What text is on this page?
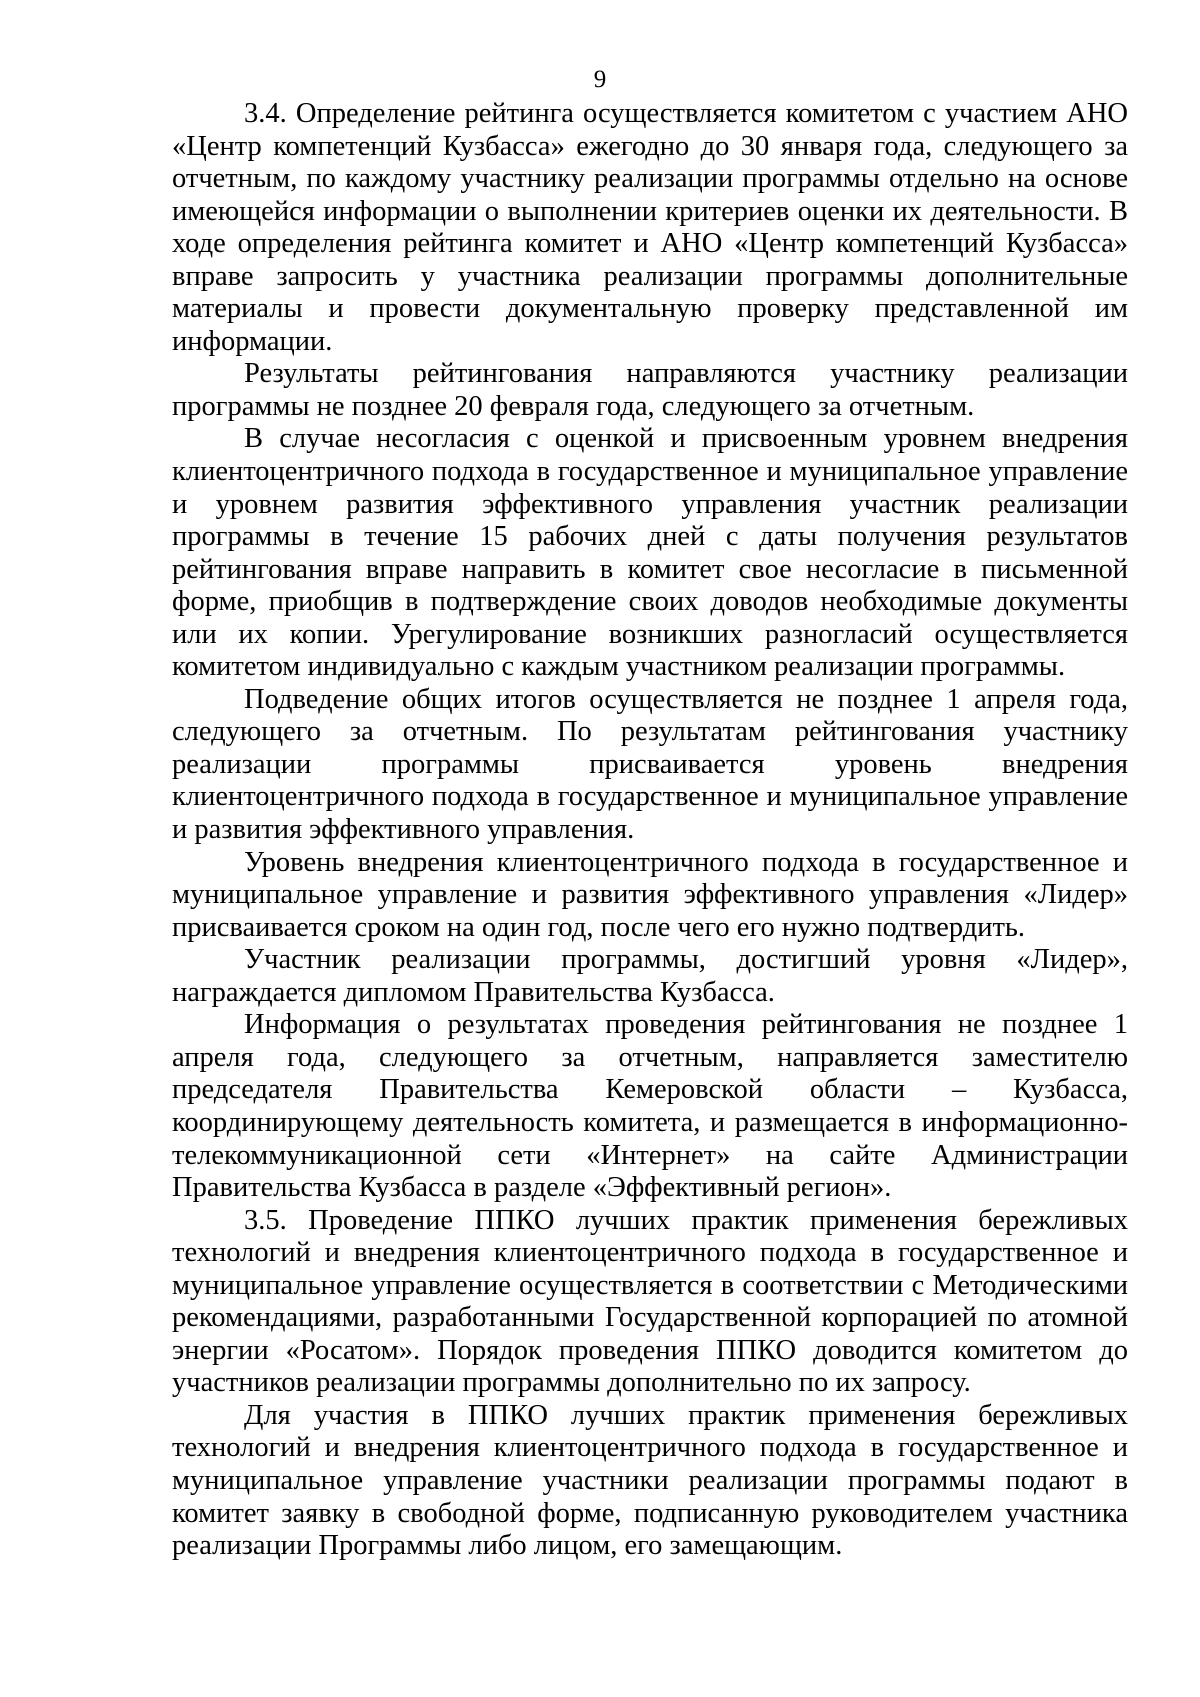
9

3.4. Определение рейтинга осуществляется комитетом с участием АНО «Центр компетенций Кузбасса» ежегодно до 30 января года, следующего за отчетным, по каждому участнику реализации программы отдельно на основе имеющейся информации о выполнении критериев оценки их деятельности. В ходе определения рейтинга комитет и АНО «Центр компетенций Кузбасса» вправе запросить у участника реализации программы дополнительные материалы и провести документальную проверку представленной им информации.

Результаты рейтингования направляются участнику реализации программы не позднее 20 февраля года, следующего за отчетным.

В случае несогласия с оценкой и присвоенным уровнем внедрения клиентоцентричного подхода в государственное и муниципальное управление и уровнем развития эффективного управления участник реализации программы в течение 15 рабочих дней с даты получения результатов рейтингования вправе направить в комитет свое несогласие в письменной форме, приобщив в подтверждение своих доводов необходимые документы или их копии. Урегулирование возникших разногласий осуществляется комитетом индивидуально с каждым участником реализации программы.

Подведение общих итогов осуществляется не позднее 1 апреля года, следующего за отчетным. По результатам рейтингования участнику реализации программы присваивается уровень внедрения клиентоцентричного подхода в государственное и муниципальное управление и развития эффективного управления.

Уровень внедрения клиентоцентричного подхода в государственное и муниципальное управление и развития эффективного управления «Лидер» присваивается сроком на один год, после чего его нужно подтвердить.

Участник реализации программы, достигший уровня «Лидер», награждается дипломом Правительства Кузбасса.

Информация о результатах проведения рейтингования не позднее 1 апреля года, следующего за отчетным, направляется заместителю председателя Правительства Кемеровской области – Кузбасса, координирующему деятельность комитета, и размещается в информационно-телекоммуникационной сети «Интернет» на сайте Администрации Правительства Кузбасса в разделе «Эффективный регион».

3.5. Проведение ППКО лучших практик применения бережливых технологий и внедрения клиентоцентричного подхода в государственное и муниципальное управление осуществляется в соответствии с Методическими рекомендациями, разработанными Государственной корпорацией по атомной энергии «Росатом». Порядок проведения ППКО доводится комитетом до участников реализации программы дополнительно по их запросу.

Для участия в ППКО лучших практик применения бережливых технологий и внедрения клиентоцентричного подхода в государственное и муниципальное управление участники реализации программы подают в комитет заявку в свободной форме, подписанную руководителем участника реализации Программы либо лицом, его замещающим.
